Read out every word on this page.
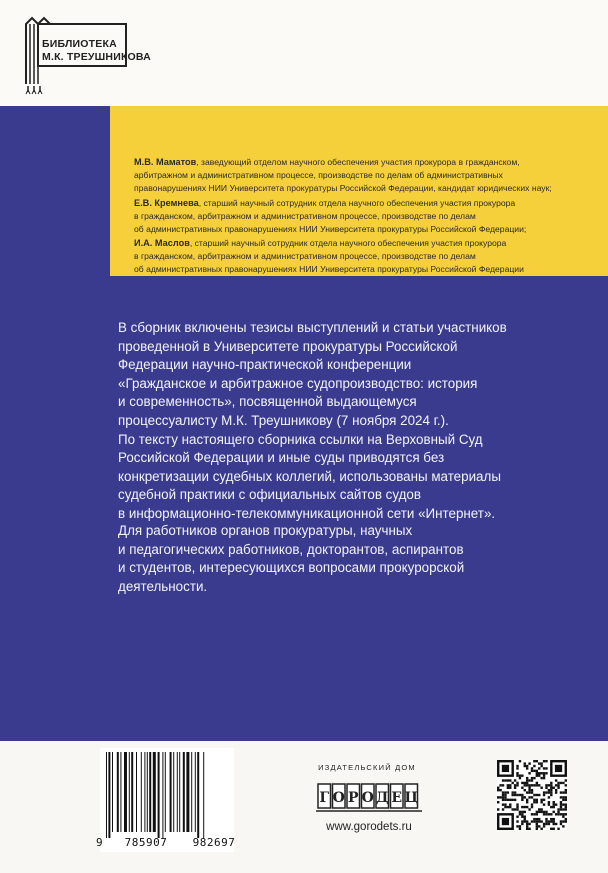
БИБЛИОТЕКА
М.К. ТРЕУШНИКОВА
М.В. Маматов, заведующий отделом научного обеспечения участия прокурора в гражданском,
арбитражном и административном процессе, производстве по делам об административных
правонарушениях НИИ Университета прокуратуры Российской Федерации, кандидат юридических наук;
Е.В. Кремнева, старший научный сотрудник отдела научного обеспечения участия прокурора
в гражданском, арбитражном и административном процессе, производстве по делам
об административных правонарушениях НИИ Университета прокуратуры Российской Федерации;
И.А. Маслов, старший научный сотрудник отдела научного обеспечения участия прокурора
в гражданском, арбитражном и административном процессе, производстве по делам
об административных правонарушениях НИИ Университета прокуратуры Российской Федерации
В сборник включены тезисы выступлений и статьи участников
проведенной в Университете прокуратуры Российской
Федерации научно-практической конференции
«Гражданское и арбитражное судопроизводство: история
и современность», посвященной выдающемуся
процессуалисту М.К. Треушникову (7 ноября 2024 г.).
По тексту настоящего сборника ссылки на Верховный Суд
Российской Федерации и иные суды приводятся без
конкретизации судебных коллегий, использованы материалы
судебной практики с официальных сайтов судов
в информационно-телекоммуникационной сети «Интернет».
Для работников органов прокуратуры, научных
и педагогических работников, докторантов, аспирантов
и студентов, интересующихся вопросами прокурорской
деятельности.
9 785907 982697
ИЗДАТЕЛЬСКИЙ ДОМ
Г О Р О Д Е Ц
www.gorodets.ru
